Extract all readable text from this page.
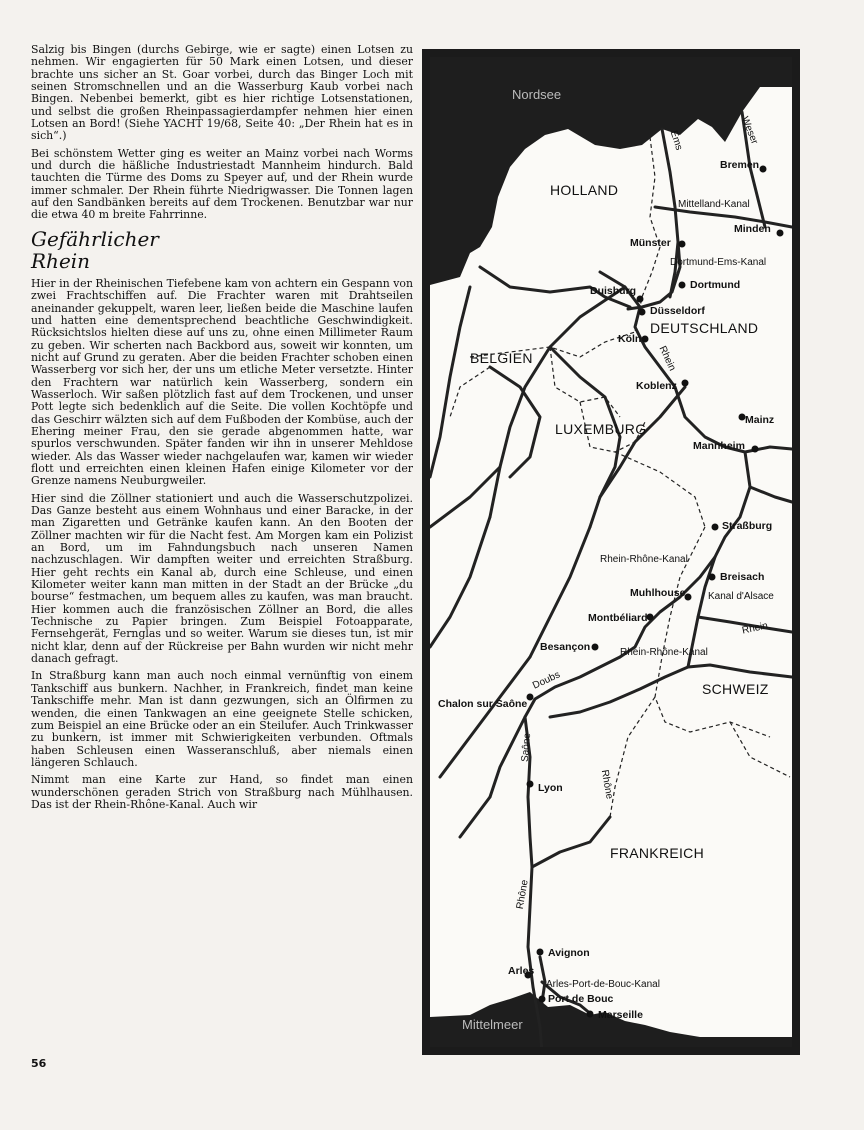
Salzig bis Bingen (durchs Gebirge, wie er sagte) einen Lotsen zu nehmen. Wir engagierten für 50 Mark einen Lotsen, und dieser brachte uns sicher an St. Goar vorbei, durch das Binger Loch mit seinen Stromschnellen und an die Wasserburg Kaub vorbei nach Bingen. Nebenbei bemerkt, gibt es hier richtige Lotsenstationen, und selbst die großen Rheinpassagierdampfer nehmen hier einen Lotsen an Bord! (Siehe YACHT 19/68, Seite 40: „Der Rhein hat es in sich“.)

Bei schönstem Wetter ging es weiter an Mainz vorbei nach Worms und durch die häßliche Industriestadt Mannheim hindurch. Bald tauchten die Türme des Doms zu Speyer auf, und der Rhein wurde immer schmaler. Der Rhein führte Niedrigwasser. Die Tonnen lagen auf den Sandbänken bereits auf dem Trockenen. Benutzbar war nur die etwa 40 m breite Fahrrinne.

Gefährlicher Rhein

Hier in der Rheinischen Tiefebene kam von achtern ein Gespann von zwei Frachtschiffen auf. Die Frachter waren mit Drahtseilen aneinander gekuppelt, waren leer, ließen beide die Maschine laufen und hatten eine dementsprechend beachtliche Geschwindigkeit. Rücksichtslos hielten diese auf uns zu, ohne einen Millimeter Raum zu geben. Wir scherten nach Backbord aus, soweit wir konnten, um nicht auf Grund zu geraten. Aber die beiden Frachter schoben einen Wasserberg vor sich her, der uns um etliche Meter versetzte. Hinter den Frachtern war natürlich kein Wasserberg, sondern ein Wasserloch. Wir saßen plötzlich fast auf dem Trockenen, und unser Pott legte sich bedenklich auf die Seite. Die vollen Kochtöpfe und das Geschirr wälzten sich auf dem Fußboden der Kombüse, auch der Ehering meiner Frau, den sie gerade abgenommen hatte, war spurlos verschwunden. Später fanden wir ihn in unserer Mehldose wieder. Als das Wasser wieder nachgelaufen war, kamen wir wieder flott und erreichten einen kleinen Hafen einige Kilometer vor der Grenze namens Neuburgweiler.

Hier sind die Zöllner stationiert und auch die Wasserschutzpolizei. Das Ganze besteht aus einem Wohnhaus und einer Baracke, in der man Zigaretten und Getränke kaufen kann. An den Booten der Zöllner machten wir für die Nacht fest. Am Morgen kam ein Polizist an Bord, um im Fahndungsbuch nach unseren Namen nachzuschlagen. Wir dampften weiter und erreichten Straßburg. Hier geht rechts ein Kanal ab, durch eine Schleuse, und einen Kilometer weiter kann man mitten in der Stadt an der Brücke „du bourse“ festmachen, um bequem alles zu kaufen, was man braucht. Hier kommen auch die französischen Zöllner an Bord, die alles Technische zu Papier bringen. Zum Beispiel Fotoapparate, Fernsehgerät, Fernglas und so weiter. Warum sie dieses tun, ist mir nicht klar, denn auf der Rückreise per Bahn wurden wir nicht mehr danach gefragt.

In Straßburg kann man auch noch einmal vernünftig von einem Tankschiff aus bunkern. Nachher, in Frankreich, findet man keine Tankschiffe mehr. Man ist dann gezwungen, sich an Ölfirmen zu wenden, die einen Tankwagen an eine geeignete Stelle schicken, zum Beispiel an eine Brücke oder an ein Steilufer. Auch Trinkwasser zu bunkern, ist immer mit Schwierigkeiten verbunden. Oftmals haben Schleusen einen Wasseranschluß, aber niemals einen längeren Schlauch.

Nimmt man eine Karte zur Hand, so findet man einen wunderschönen geraden Strich von Straßburg nach Mühlhausen. Das ist der Rhein-Rhône-Kanal. Auch wir

56
Nordsee
Mittelmeer
HOLLAND
DEUTSCHLAND
BELGIEN
LUXEMBURG
SCHWEIZ
FRANKREICH
Bremen
Minden
Münster
Dortmund
Duisburg
Düsseldorf
Köln
Koblenz
Mainz
Mannheim
Straßburg
Breisach
Muhlhouse
Montbéliard
Besançon
Chalon sur Saône
Lyon
Avignon
Arles
Port de Bouc
Marseille
Mittelland-Kanal
Dortmund-Ems-Kanal
Rhein-Rhône-Kanal
Kanal d'Alsace
Rhein-Rhône-Kanal
Arles-Port-de-Bouc-Kanal
Ems	Weser
Rhein
Rhein
Doubs
Saône
Rhône
Rhône
